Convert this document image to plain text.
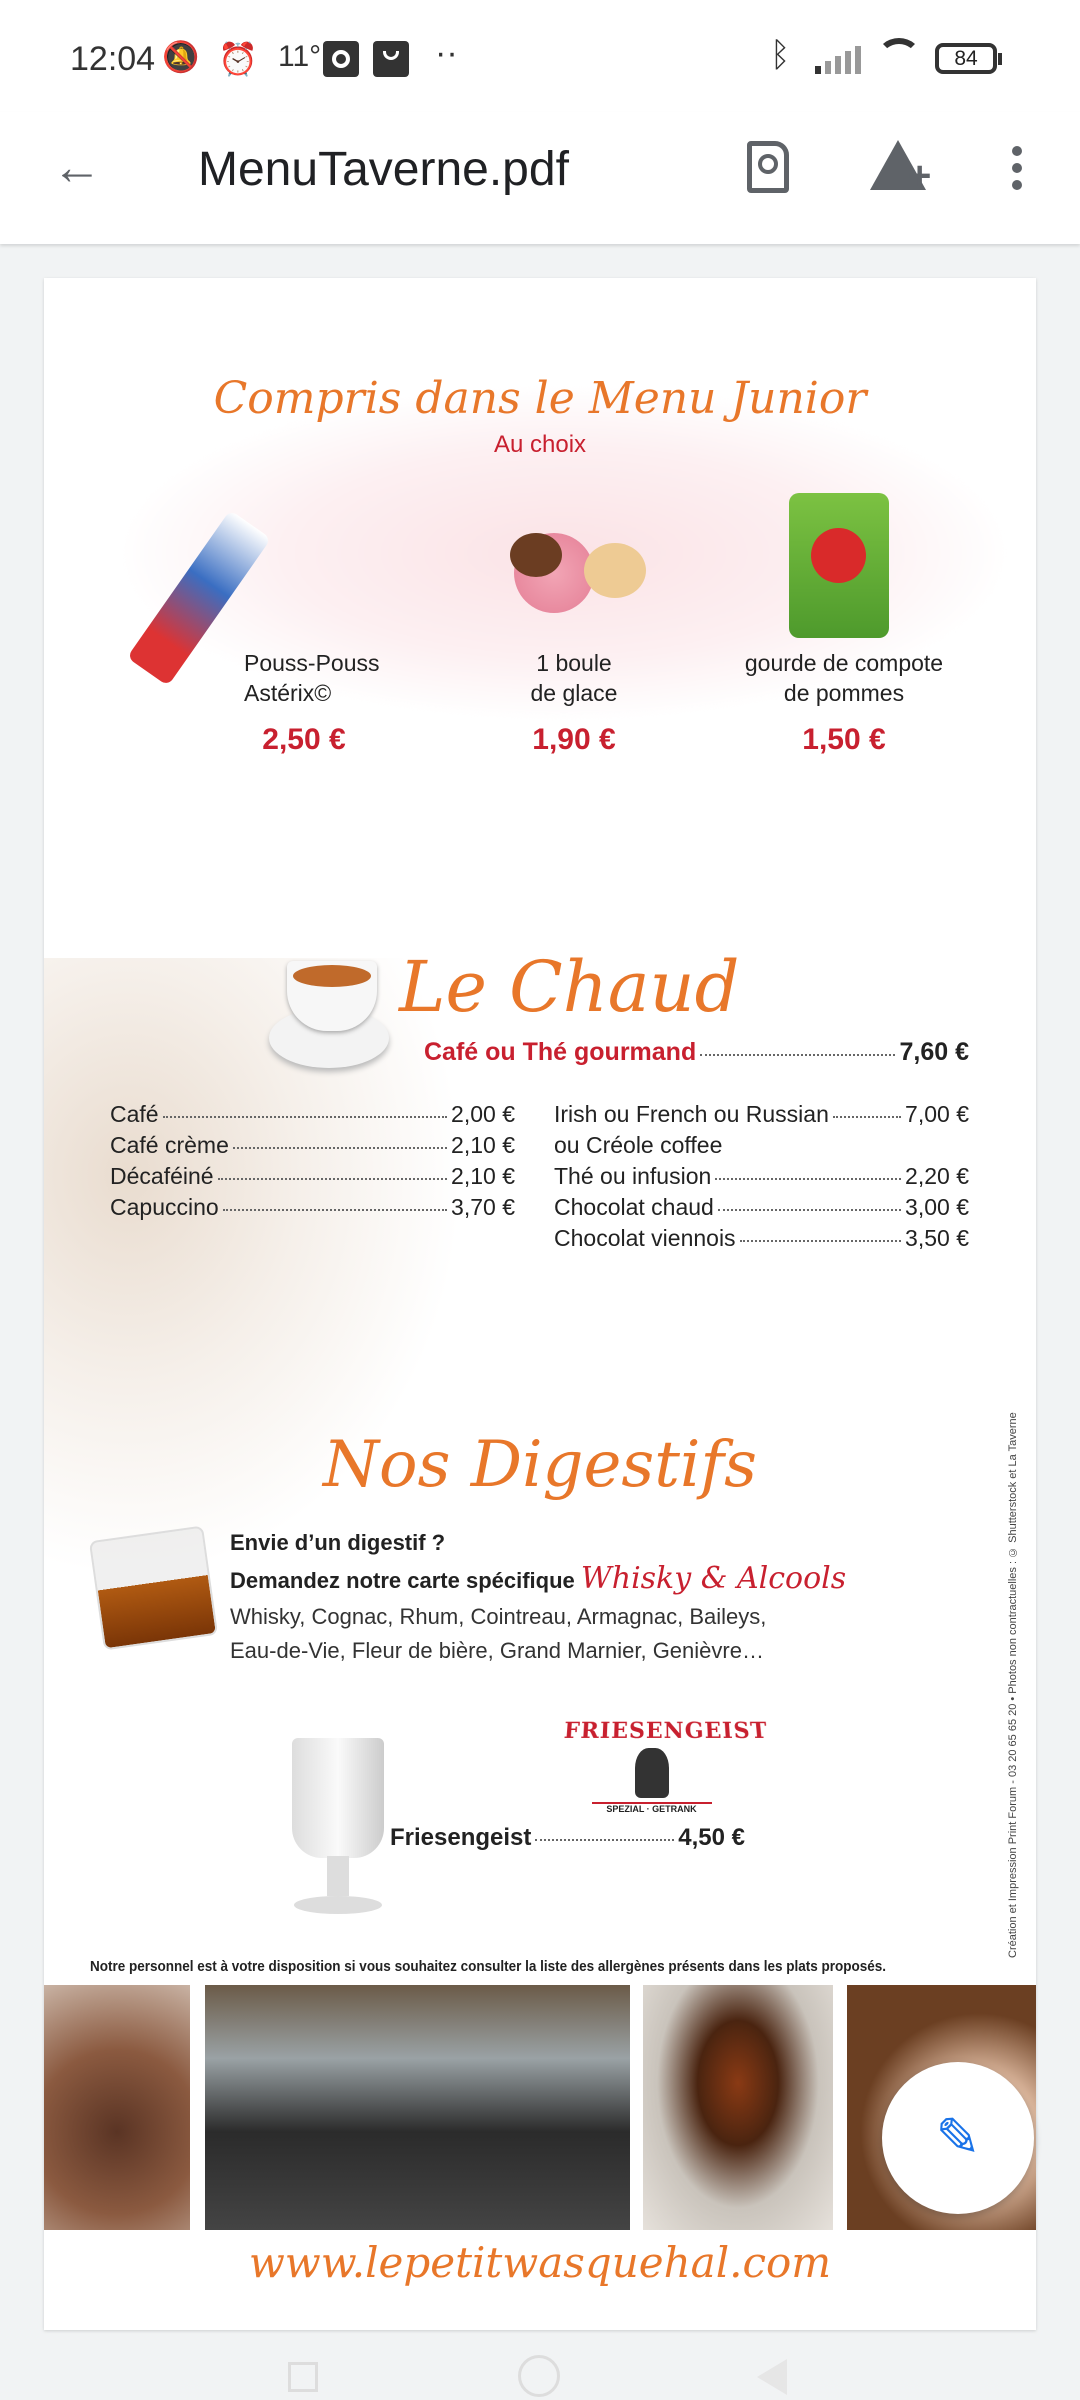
12:04 🔕 ⏰ 11°	··	ᛒ	84
← MenuTaverne.pdf	+
Compris dans le Menu Junior
Au choix
Pouss-Pouss
Astérix©
2,50 €
1 boule
de glace
1,90 €
gourde de compote
de pommes
1,50 €
Le Chaud
Café ou Thé gourmand	7,60 €
Café	2,00 €
Café crème	2,10 €
Décaféiné	2,10 €
Capuccino	3,70 €
Irish ou French ou Russian	7,00 €
ou Créole coffee
Thé ou infusion	2,20 €
Chocolat chaud	3,00 €
Chocolat viennois	3,50 €
Nos Digestifs
Envie d’un digestif ?
Demandez notre carte spécifique Whisky & Alcools
Whisky, Cognac, Rhum, Cointreau, Armagnac, Baileys,
Eau-de-Vie, Fleur de bière, Grand Marnier, Genièvre…
FRIESENGEIST
SPEZIAL · GETRANK
Friesengeist	4,50 €	Création et Impression Print Forum - 03 20 65 65 20 • Photos non contractuelles : © Shutterstock et La Taverne
Notre personnel est à votre disposition si vous souhaitez consulter la liste des allergènes présents dans les plats proposés.
www.lepetitwasquehal.com
✎
